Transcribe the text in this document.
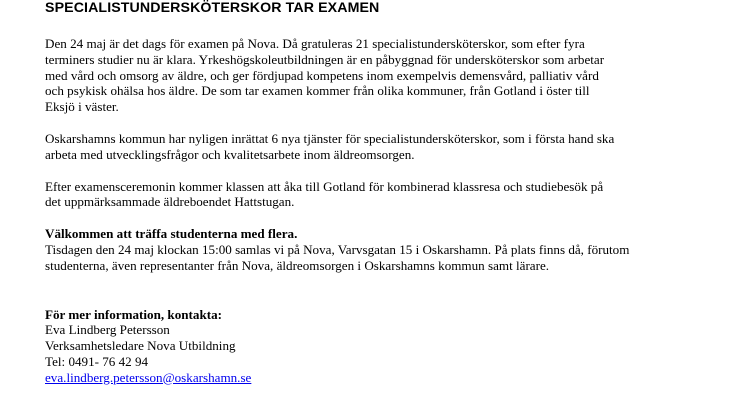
SPECIALISTUNDERSKÖTERSKOR TAR EXAMEN

Den 24 maj är det dags för examen på Nova. Då gratuleras 21 specialistundersköterskor, som efter fyra
terminers studier nu är klara. Yrkeshögskoleutbildningen är en påbyggnad för undersköterskor som arbetar
med vård och omsorg av äldre, och ger fördjupad kompetens inom exempelvis demensvård, palliativ vård
och psykisk ohälsa hos äldre. De som tar examen kommer från olika kommuner, från Gotland i öster till
Eksjö i väster.

Oskarshamns kommun har nyligen inrättat 6 nya tjänster för specialistundersköterskor, som i första hand ska
arbeta med utvecklingsfrågor och kvalitetsarbete inom äldreomsorgen.

Efter examensceremonin kommer klassen att åka till Gotland för kombinerad klassresa och studiebesök på
det uppmärksammade äldreboendet Hattstugan.

Välkommen att träffa studenterna med flera.
Tisdagen den 24 maj klockan 15:00 samlas vi på Nova, Varvsgatan 15 i Oskarshamn. På plats finns då, förutom
studenterna, även representanter från Nova, äldreomsorgen i Oskarshamns kommun samt lärare.

För mer information, kontakta:
Eva Lindberg Petersson
Verksamhetsledare Nova Utbildning
Tel: 0491- 76 42 94
eva.lindberg.petersson@oskarshamn.se
